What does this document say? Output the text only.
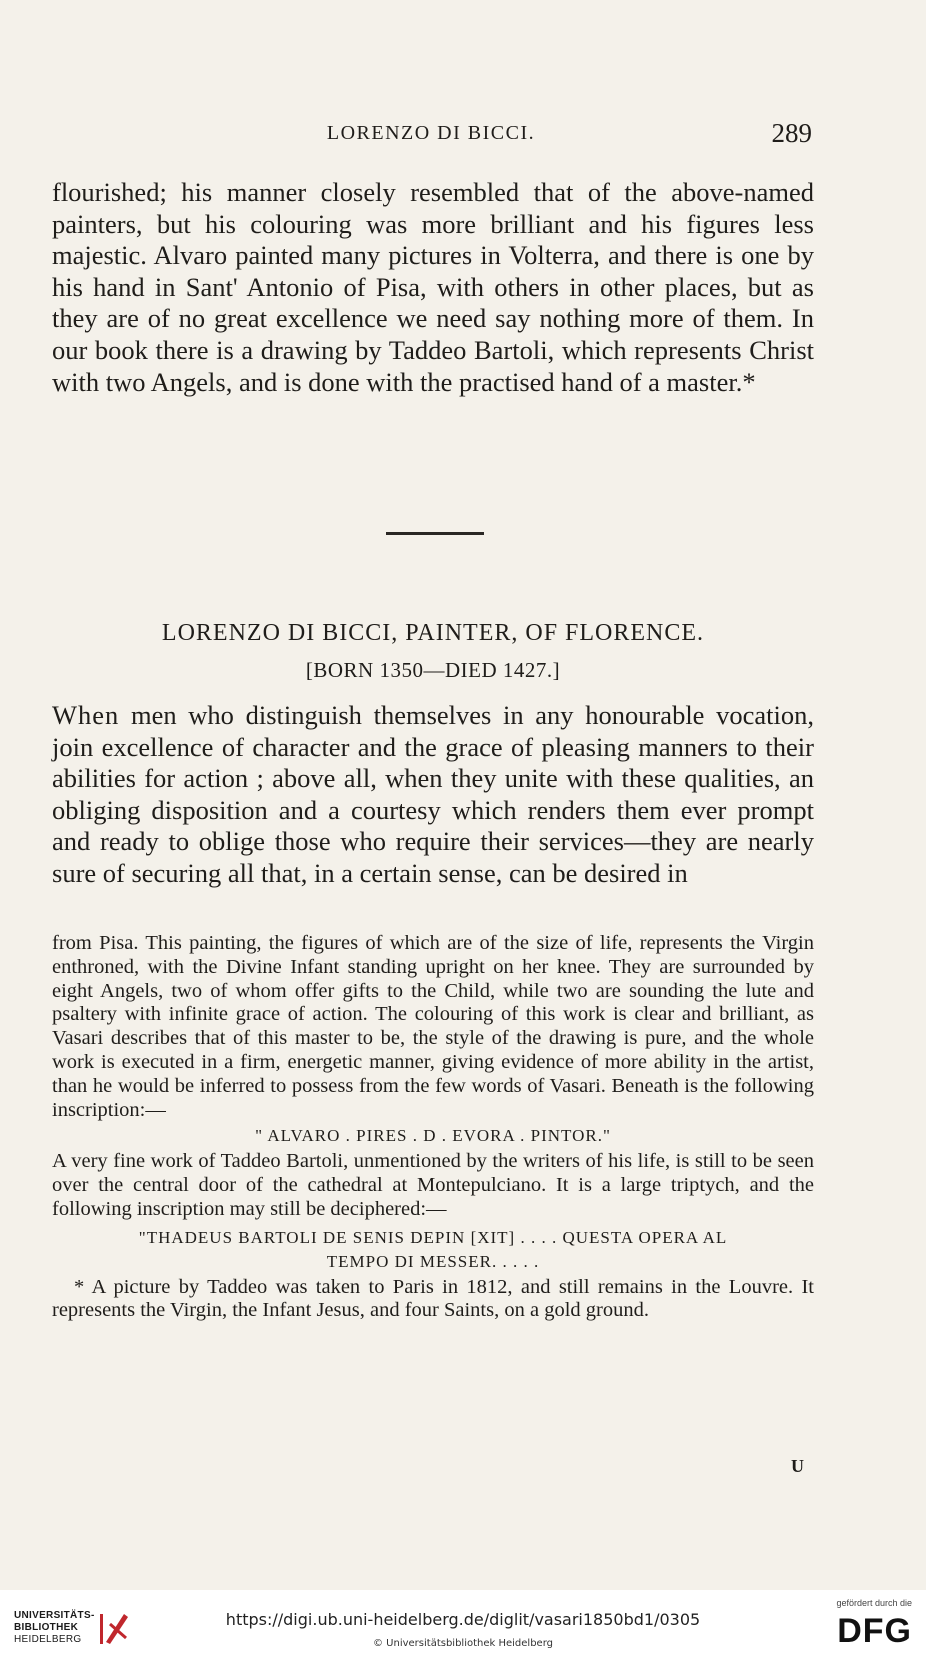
LORENZO DI BICCI.	289

flourished; his manner closely resembled that of the above-named painters, but his colouring was more brilliant and his figures less majestic. Alvaro painted many pictures in Volterra, and there is one by his hand in Sant' Antonio of Pisa, with others in other places, but as they are of no great excellence we need say nothing more of them. In our book there is a drawing by Taddeo Bartoli, which represents Christ with two Angels, and is done with the practised hand of a master.*

LORENZO DI BICCI, PAINTER, OF FLORENCE.

[BORN 1350—DIED 1427.]

When men who distinguish themselves in any honourable vocation, join excellence of character and the grace of pleasing manners to their abilities for action ; above all, when they unite with these qualities, an obliging disposition and a courtesy which renders them ever prompt and ready to oblige those who require their services—they are nearly sure of securing all that, in a certain sense, can be desired in

from Pisa. This painting, the figures of which are of the size of life, represents the Virgin enthroned, with the Divine Infant standing upright on her knee. They are surrounded by eight Angels, two of whom offer gifts to the Child, while two are sounding the lute and psaltery with infinite grace of action. The colouring of this work is clear and brilliant, as Vasari describes that of this master to be, the style of the drawing is pure, and the whole work is executed in a firm, energetic manner, giving evidence of more ability in the artist, than he would be inferred to possess from the few words of Vasari. Beneath is the following inscription:—

" ALVARO . PIRES . D . EVORA . PINTOR."

A very fine work of Taddeo Bartoli, unmentioned by the writers of his life, is still to be seen over the central door of the cathedral at Montepulciano. It is a large triptych, and the following inscription may still be deciphered:—

"THADEUS BARTOLI DE SENIS DEPIN [XIT] . . . . QUESTA OPERA AL
TEMPO DI MESSER. . . . .

* A picture by Taddeo was taken to Paris in 1812, and still remains in the Louvre. It represents the Virgin, the Infant Jesus, and four Saints, on a gold ground.

U
UNIVERSITÄTS-
BIBLIOTHEK
HEIDELBERG
https://digi.ub.uni-heidelberg.de/diglit/vasari1850bd1/0305
© Universitätsbibliothek Heidelberg
gefördert durch die
DFG
